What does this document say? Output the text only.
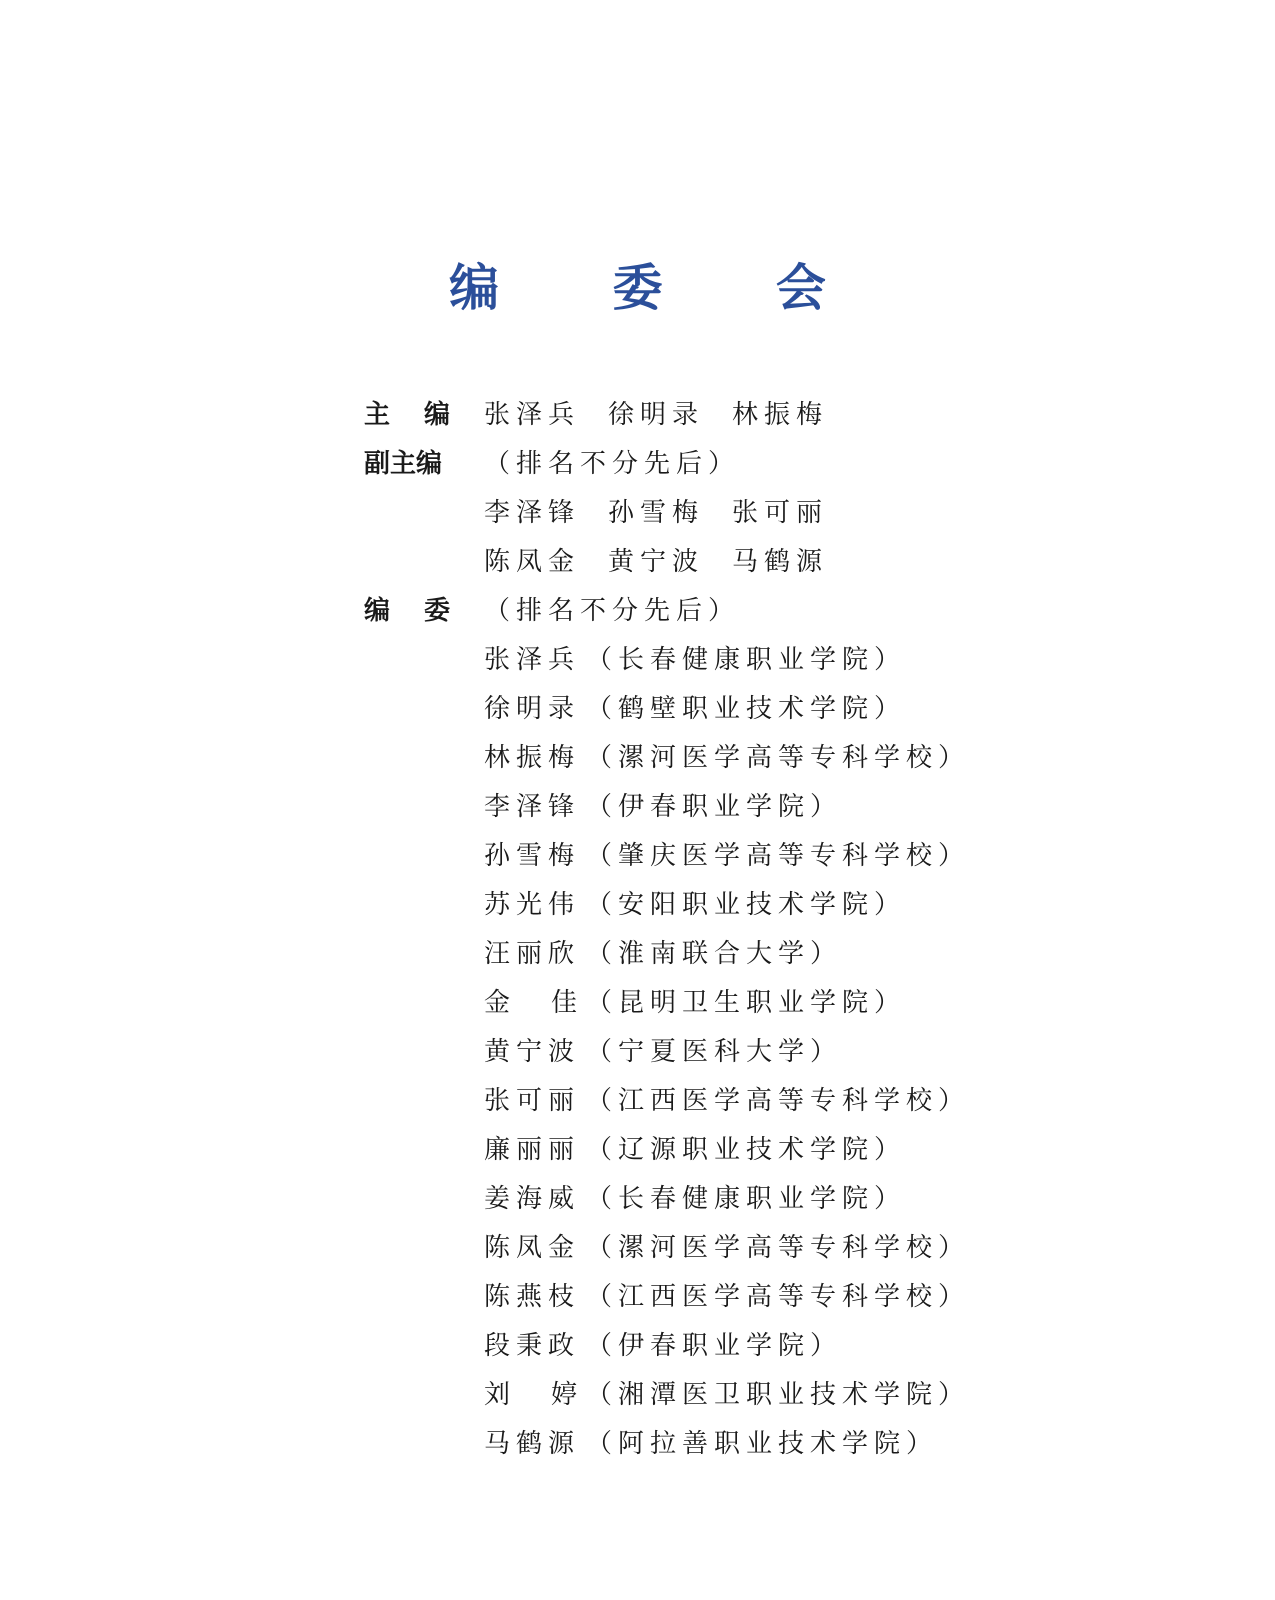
编 委 会
主编 张泽兵 徐明录 林振梅
副主编	（排名不分先后）
李泽锋 孙雪梅 张可丽
陈凤金 黄宁波 马鹤源
编委 （排名不分先后）
张泽兵 （长春健康职业学院）
徐明录 （鹤壁职业技术学院）
林振梅 （漯河医学高等专科学校）
李泽锋 （伊春职业学院）
孙雪梅 （肇庆医学高等专科学校）
苏光伟 （安阳职业技术学院）
汪丽欣 （淮南联合大学）
金佳（昆明卫生职业学院）
黄宁波 （宁夏医科大学）
张可丽 （江西医学高等专科学校）
廉丽丽 （辽源职业技术学院）
姜海威 （长春健康职业学院）
陈凤金 （漯河医学高等专科学校）
陈燕枝 （江西医学高等专科学校）
段秉政 （伊春职业学院）
刘婷（湘潭医卫职业技术学院）
马鹤源 （阿拉善职业技术学院）
